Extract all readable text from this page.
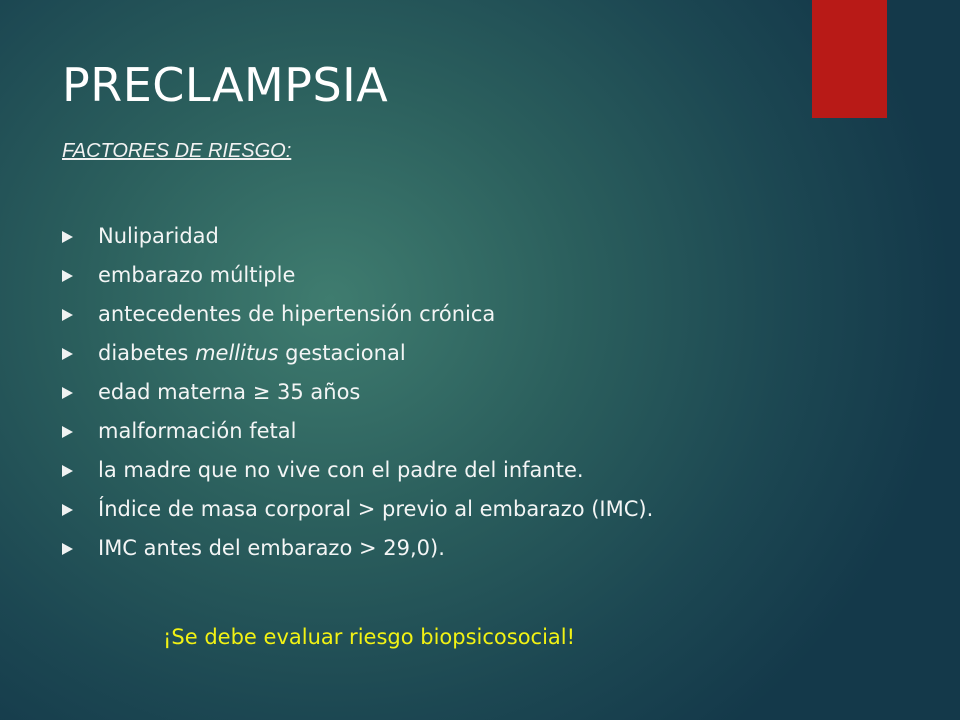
PRECLAMPSIA

FACTORES DE RIESGO:

Nuliparidad
embarazo múltiple
antecedentes de hipertensión crónica
diabetes mellitus gestacional
edad materna ≥ 35 años
malformación fetal
la madre que no vive con el padre del infante.
Índice de masa corporal > previo al embarazo (IMC).
IMC antes del embarazo > 29,0).

¡Se debe evaluar riesgo biopsicosocial!
